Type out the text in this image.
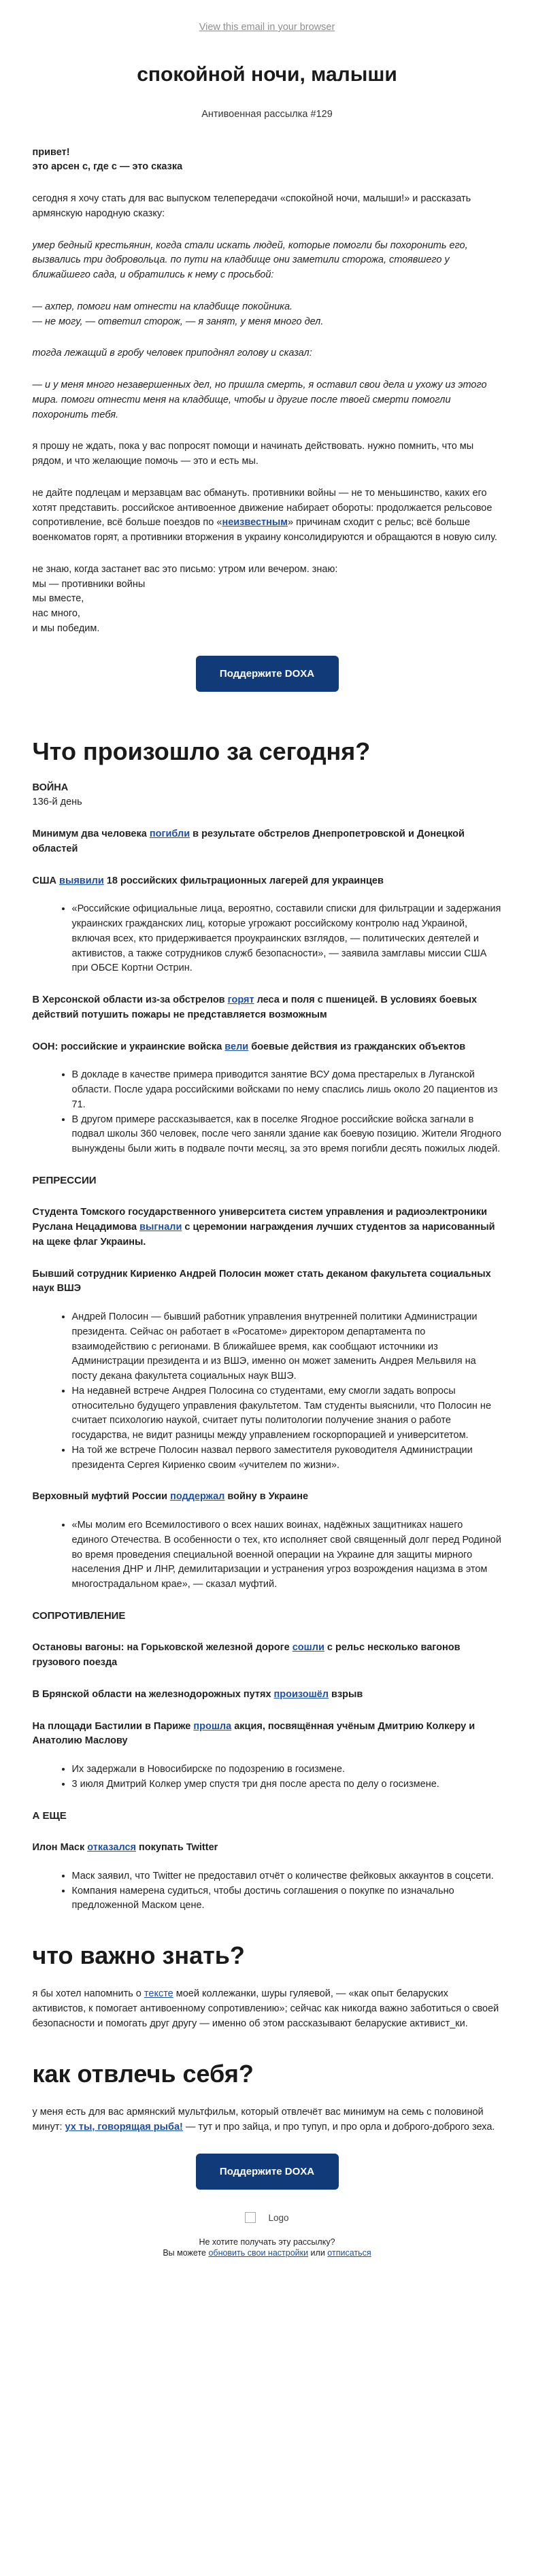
View this email in your browser
спокойной ночи, малыши
Антивоенная рассылка #129
привет!
это арсен с, где с — это сказка
сегодня я хочу стать для вас выпуском телепередачи «спокойной ночи, малыши!» и рассказать армянскую народную сказку:
умер бедный крестьянин, когда стали искать людей, которые помогли бы похоронить его, вызвались три добровольца. по пути на кладбище они заметили сторожа, стоявшего у ближайшего сада, и обратились к нему с просьбой:
— ахпер, помоги нам отнести на кладбище покойника.
— не могу, — ответил сторож, — я занят, у меня много дел.
тогда лежащий в гробу человек приподнял голову и сказал:
— и у меня много незавершенных дел, но пришла смерть, я оставил свои дела и ухожу из этого мира. помоги отнести меня на кладбище, чтобы и другие после твоей смерти помогли похоронить тебя.
я прошу не ждать, пока у вас попросят помощи и начинать действовать. нужно помнить, что мы рядом, и что желающие помочь — это и есть мы.
не дайте подлецам и мерзавцам вас обмануть. противники войны — не то меньшинство, каких его хотят представить. российское антивоенное движение набирает обороты: продолжается рельсовое сопротивление, всё больше поездов по «неизвестным» причинам сходит с рельс; всё больше военкоматов горят, а противники вторжения в украину консолидируются и обращаются в новую силу.
не знаю, когда застанет вас это письмо: утром или вечером. знаю:
мы — противники войны
мы вместе,
нас много,
и мы победим.
Поддержите DOXA
Что произошло за сегодня?
ВОЙНА
136-й день
Минимум два человека погибли в результате обстрелов Днепропетровской и Донецкой областей
США выявили 18 российских фильтрационных лагерей для украинцев
• «Российские официальные лица, вероятно, составили списки для фильтрации и задержания украинских гражданских лиц, которые угрожают российскому контролю над Украиной, включая всех, кто придерживается проукраинских взглядов, — политических деятелей и активистов, а также сотрудников служб безопасности», — заявила замглавы миссии США при ОБСЕ Кортни Острин.
В Херсонской области из-за обстрелов горят леса и поля с пшеницей. В условиях боевых действий потушить пожары не представляется возможным
ООН: российские и украинские войска вели боевые действия из гражданских объектов
• В докладе в качестве примера приводится занятие ВСУ дома престарелых в Луганской области. После удара российскими войсками по нему спаслись лишь около 20 пациентов из 71.
• В другом примере рассказывается, как в поселке Ягодное российские войска загнали в подвал школы 360 человек, после чего заняли здание как боевую позицию. Жители Ягодного вынуждены были жить в подвале почти месяц, за это время погибли десять пожилых людей.
РЕПРЕССИИ
Студента Томского государственного университета систем управления и радиоэлектроники Руслана Нецадимова выгнали с церемонии награждения лучших студентов за нарисованный на щеке флаг Украины.
Бывший сотрудник Кириенко Андрей Полосин может стать деканом факультета социальных наук ВШЭ
• Андрей Полосин — бывший работник управления внутренней политики Администрации президента. Сейчас он работает в «Росатоме» директором департамента по взаимодействию с регионами. В ближайшее время, как сообщают источники из Администрации президента и из ВШЭ, именно он может заменить Андрея Мельвиля на посту декана факультета социальных наук ВШЭ.
• На недавней встрече Андрея Полосина со студентами, ему смогли задать вопросы относительно будущего управления факультетом. Там студенты выяснили, что Полосин не считает психологию наукой, считает путы политологии получение знания о работе государства, не видит разницы между управлением госкорпорацией и университетом.
• На той же встрече Полосин назвал первого заместителя руководителя Администрации президента Сергея Кириенко своим «учителем по жизни».
Верховный муфтий России поддержал войну в Украине
• «Мы молим его Всемилостивого о всех наших воинах, надёжных защитниках нашего единого Отечества. В особенности о тех, кто исполняет свой священный долг перед Родиной во время проведения специальной военной операции на Украине для защиты мирного населения ДНР и ЛНР, демилитаризации и устранения угроз возрождения нацизма в этом многострадальном крае», — сказал муфтий.
СОПРОТИВЛЕНИЕ
Остановы вагоны: на Горьковской железной дороге сошли с рельс несколько вагонов грузового поезда
В Брянской области на железнодорожных путях произошёл взрыв
На площади Бастилии в Париже прошла акция, посвящённая учёным Дмитрию Колкеру и Анатолию Маслову
• Их задержали в Новосибирске по подозрению в госизмене.
• 3 июля Дмитрий Колкер умер спустя три дня после ареста по делу о госизмене.
А ЕЩЕ
Илон Маск отказался покупать Twitter
• Маск заявил, что Twitter не предоставил отчёт о количестве фейковых аккаунтов в соцсети.
• Компания намерена судиться, чтобы достичь соглашения о покупке по изначально предложенной Маском цене.
что важно знать?
я бы хотел напомнить о тексте моей коллежанки, шуры гуляевой, — «как опыт беларуских активистов, к помогает антивоенному сопротивлению»; сейчас как никогда важно заботиться о своей безопасности и помогать друг другу — именно об этом рассказывают беларуские активист_ки.
как отвлечь себя?
у меня есть для вас армянский мультфильм, который отвлечёт вас минимум на семь с половиной минут: ух ты, говорящая рыба! — тут и про зайца, и про тупуп, и про орла и доброго-доброго зеха.
Поддержите DOXA
Logo
Не хотите получать эту рассылку?
Вы можете обновить свои настройки или отписаться
